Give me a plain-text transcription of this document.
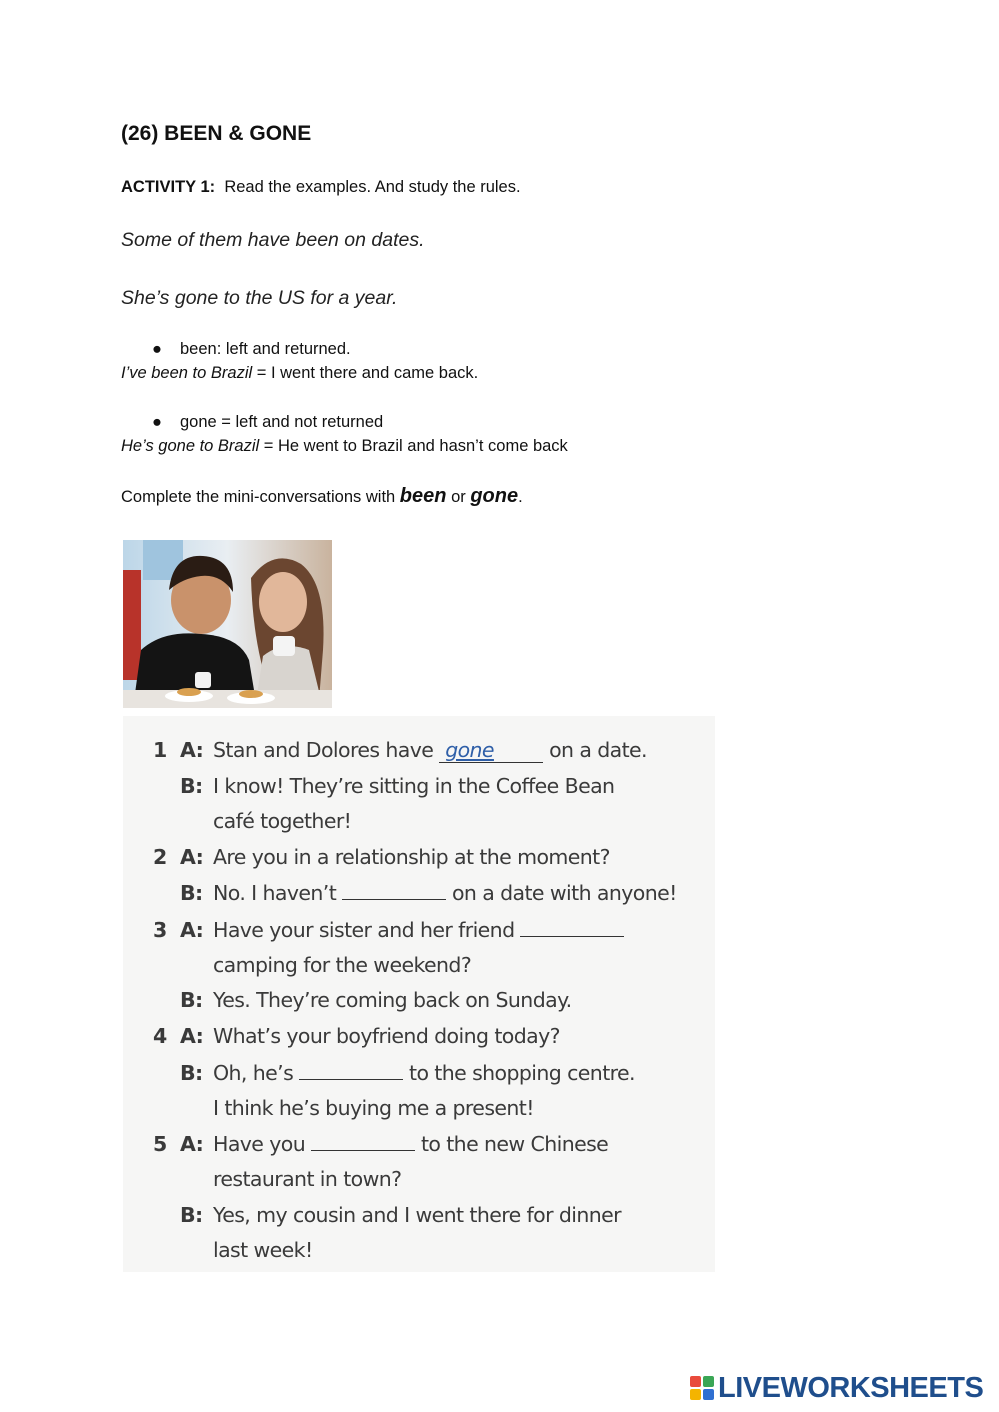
(26) BEEN & GONE
ACTIVITY 1: Read the examples. And study the rules.
Some of them have been on dates.
She’s gone to the US for a year.
● been: left and returned.
I’ve been to Brazil = I went there and came back.
● gone = left and not returned
He’s gone to Brazil = He went to Brazil and hasn’t come back
Complete the mini-conversations with been or gone.
1 A: Stan and Dolores have gone on a date.
B: I know! They’re sitting in the Coffee Bean
café together!
2 A: Are you in a relationship at the moment?
B: No. I haven’t	on a date with anyone!
3 A: Have your sister and her friend
camping for the weekend?
B: Yes. They’re coming back on Sunday.
4 A: What’s your boyfriend doing today?
B: Oh, he’s	to the shopping centre.
I think he’s buying me a present!
5 A: Have you	to the new Chinese
restaurant in town?
B: Yes, my cousin and I went there for dinner
last week!
LIVEWORKSHEETS
